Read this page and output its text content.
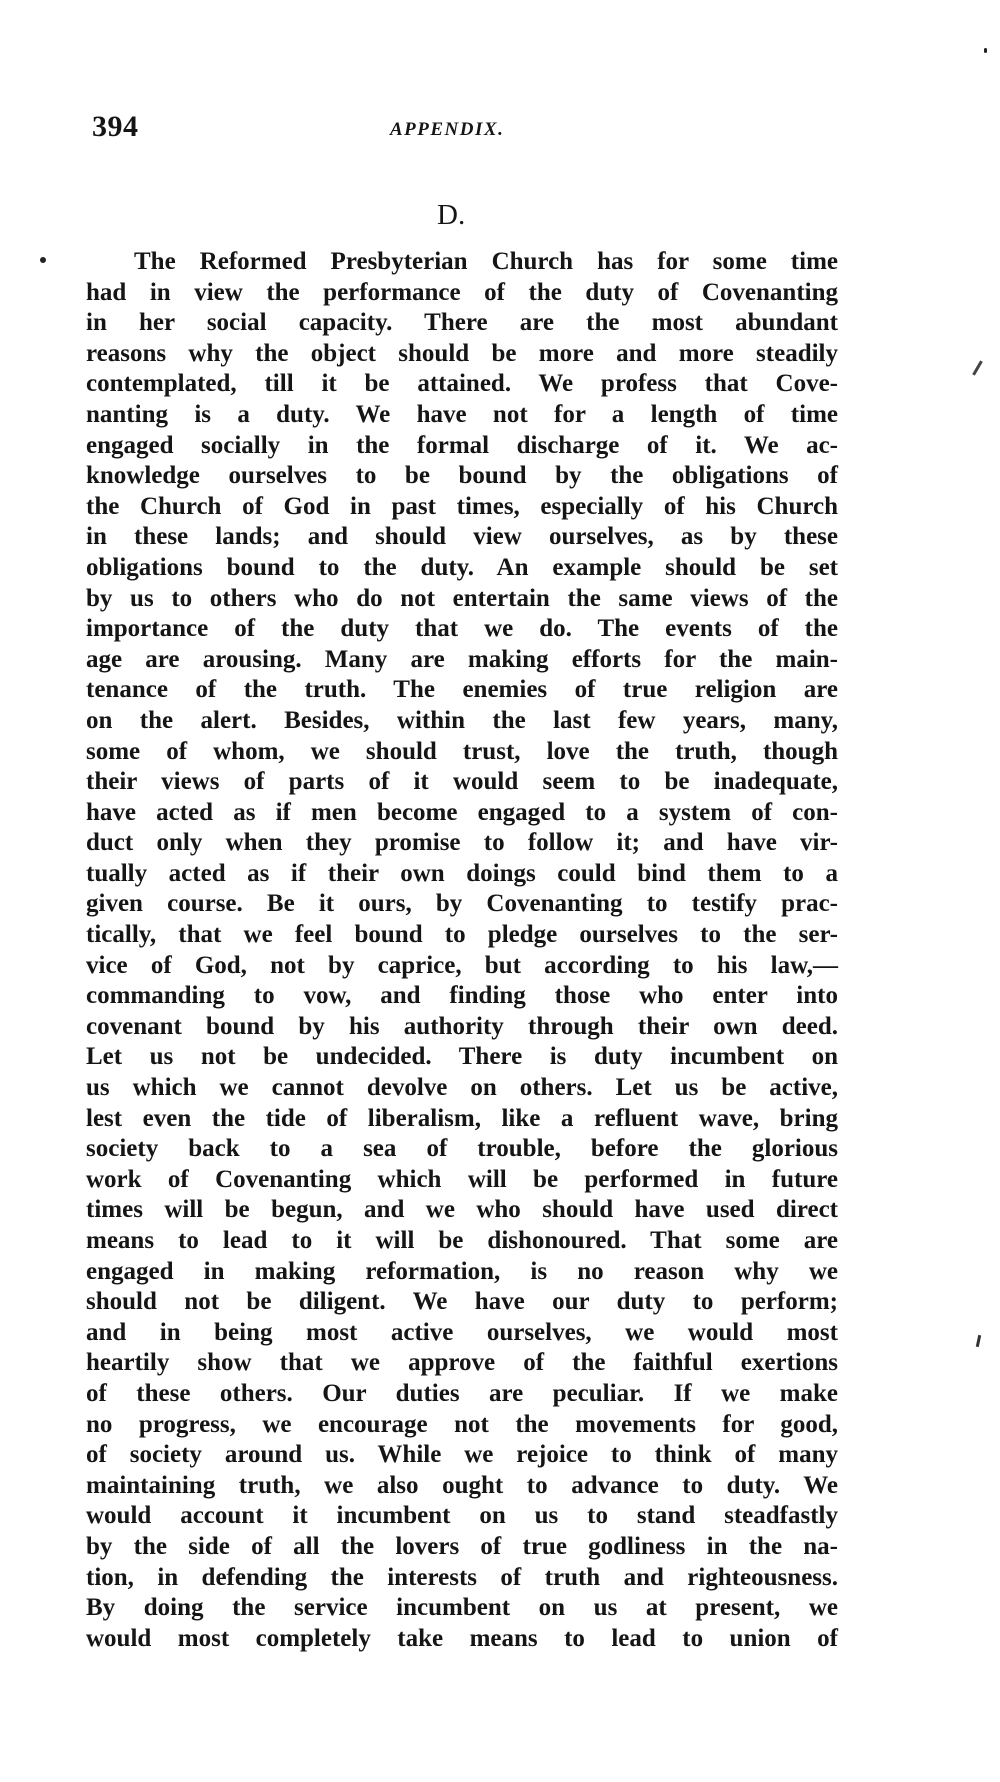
394	APPENDIX.
D.
The Reformed Presbyterian Church has for some time
had in view the performance of the duty of Covenanting
in her social capacity. There are the most abundant
reasons why the object should be more and more steadily
contemplated, till it be attained. We profess that Cove-
nanting is a duty. We have not for a length of time
engaged socially in the formal discharge of it. We ac-
knowledge ourselves to be bound by the obligations of
the Church of God in past times, especially of his Church
in these lands; and should view ourselves, as by these
obligations bound to the duty. An example should be set
by us to others who do not entertain the same views of the
importance of the duty that we do. The events of the
age are arousing. Many are making efforts for the main-
tenance of the truth. The enemies of true religion are
on the alert. Besides, within the last few years, many,
some of whom, we should trust, love the truth, though
their views of parts of it would seem to be inadequate,
have acted as if men become engaged to a system of con-
duct only when they promise to follow it; and have vir-
tually acted as if their own doings could bind them to a
given course. Be it ours, by Covenanting to testify prac-
tically, that we feel bound to pledge ourselves to the ser-
vice of God, not by caprice, but according to his law,—
commanding to vow, and finding those who enter into
covenant bound by his authority through their own deed.
Let us not be undecided. There is duty incumbent on
us which we cannot devolve on others. Let us be active,
lest even the tide of liberalism, like a refluent wave, bring
society back to a sea of trouble, before the glorious
work of Covenanting which will be performed in future
times will be begun, and we who should have used direct
means to lead to it will be dishonoured. That some are
engaged in making reformation, is no reason why we
should not be diligent. We have our duty to perform;
and in being most active ourselves, we would most
heartily show that we approve of the faithful exertions
of these others. Our duties are peculiar. If we make
no progress, we encourage not the movements for good,
of society around us. While we rejoice to think of many
maintaining truth, we also ought to advance to duty. We
would account it incumbent on us to stand steadfastly
by the side of all the lovers of true godliness in the na-
tion, in defending the interests of truth and righteousness.
By doing the service incumbent on us at present, we
would most completely take means to lead to union of
